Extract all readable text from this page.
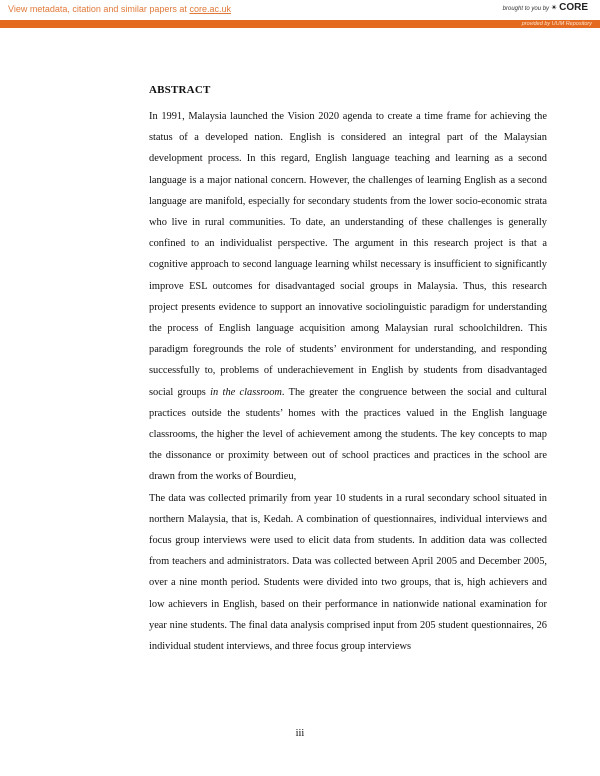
View metadata, citation and similar papers at core.ac.uk	brought to you by ✴ CORE
provided by UUM Repository
ABSTRACT

In 1991, Malaysia launched the Vision 2020 agenda to create a time frame for achieving the status of a developed nation. English is considered an integral part of the Malaysian development process. In this regard, English language teaching and learning as a second language is a major national concern. However, the challenges of learning English as a second language are manifold, especially for secondary students from the lower socio-economic strata who live in rural communities. To date, an understanding of these challenges is generally confined to an individualist perspective. The argument in this research project is that a cognitive approach to second language learning whilst necessary is insufficient to significantly improve ESL outcomes for disadvantaged social groups in Malaysia. Thus, this research project presents evidence to support an innovative sociolinguistic paradigm for understanding the process of English language acquisition among Malaysian rural schoolchildren. This paradigm foregrounds the role of students’ environment for understanding, and responding successfully to, problems of underachievement in English by students from disadvantaged social groups in the classroom. The greater the congruence between the social and cultural practices outside the students’ homes with the practices valued in the English language classrooms, the higher the level of achievement among the students. The key concepts to map the dissonance or proximity between out of school practices and practices in the school are drawn from the works of Bourdieu,

The data was collected primarily from year 10 students in a rural secondary school situated in northern Malaysia, that is, Kedah. A combination of questionnaires, individual interviews and focus group interviews were used to elicit data from students. In addition data was collected from teachers and administrators. Data was collected between April 2005 and December 2005, over a nine month period. Students were divided into two groups, that is, high achievers and low achievers in English, based on their performance in nationwide national examination for year nine students. The final data analysis comprised input from 205 student questionnaires, 26 individual student interviews, and three focus group interviews

iii
